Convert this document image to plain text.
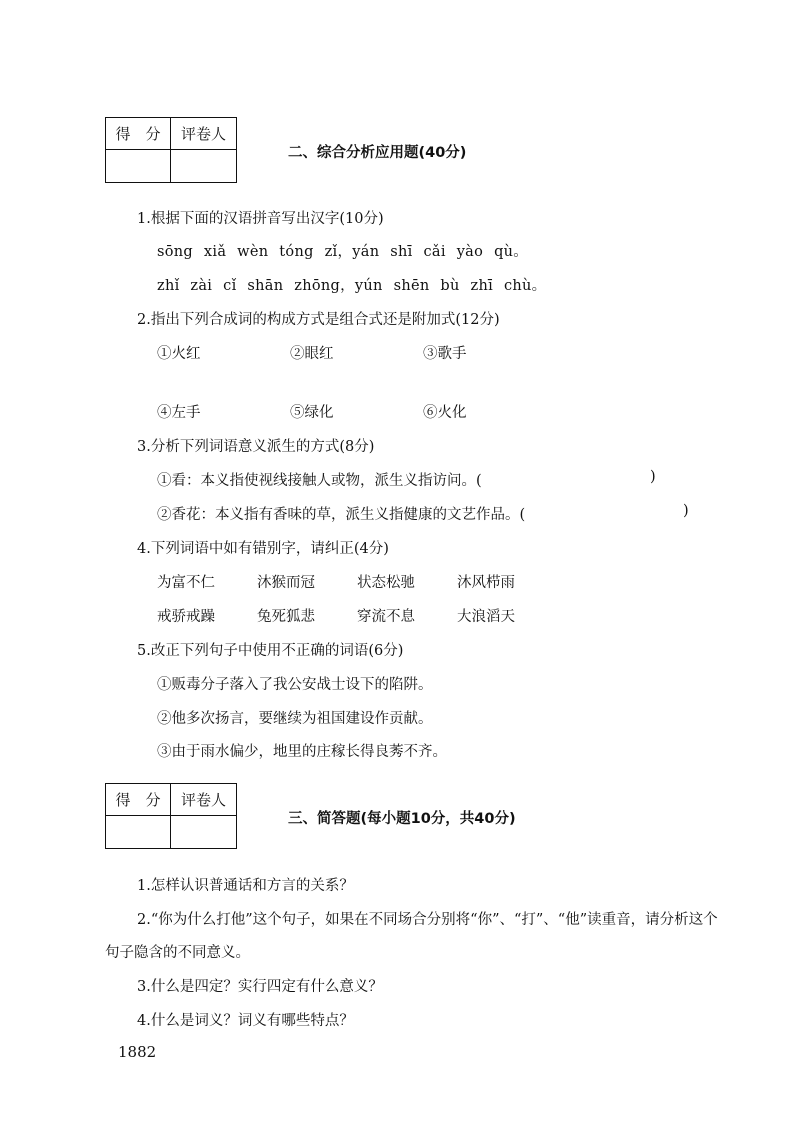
得　分	评卷人

二、综合分析应用题(40分)
1.根据下面的汉语拼音写出汉字(10分)
sōng xiǎ wèn tóng zǐ，yán shī cǎi yào qù。
zhǐ zài cǐ shān zhōng，yún shēn bù zhī chù。
2.指出下列合成词的构成方式是组合式还是附加式(12分)
①火红	②眼红	③歌手
④左手	⑤绿化	⑥火化
3.分析下列词语意义派生的方式(8分)
①看：本义指使视线接触人或物，派生义指访问。(	)
②香花：本义指有香味的草，派生义指健康的文艺作品。(	)
4.下列词语中如有错别字，请纠正(4分)
为富不仁	沐猴而冠	状态松驰	沐风栉雨
戒骄戒躁	兔死狐悲	穿流不息	大浪滔天
5.改正下列句子中使用不正确的词语(6分)
①贩毒分子落入了我公安战士设下的陷阱。
②他多次扬言，要继续为祖国建设作贡献。
③由于雨水偏少，地里的庄稼长得良莠不齐。
得　分	评卷人

三、简答题(每小题10分，共40分)
1.怎样认识普通话和方言的关系？
2.“你为什么打他”这个句子，如果在不同场合分别将“你”、“打”、“他”读重音，请分析这个
句子隐含的不同意义。
3.什么是四定？实行四定有什么意义？
4.什么是词义？词义有哪些特点？
1882
